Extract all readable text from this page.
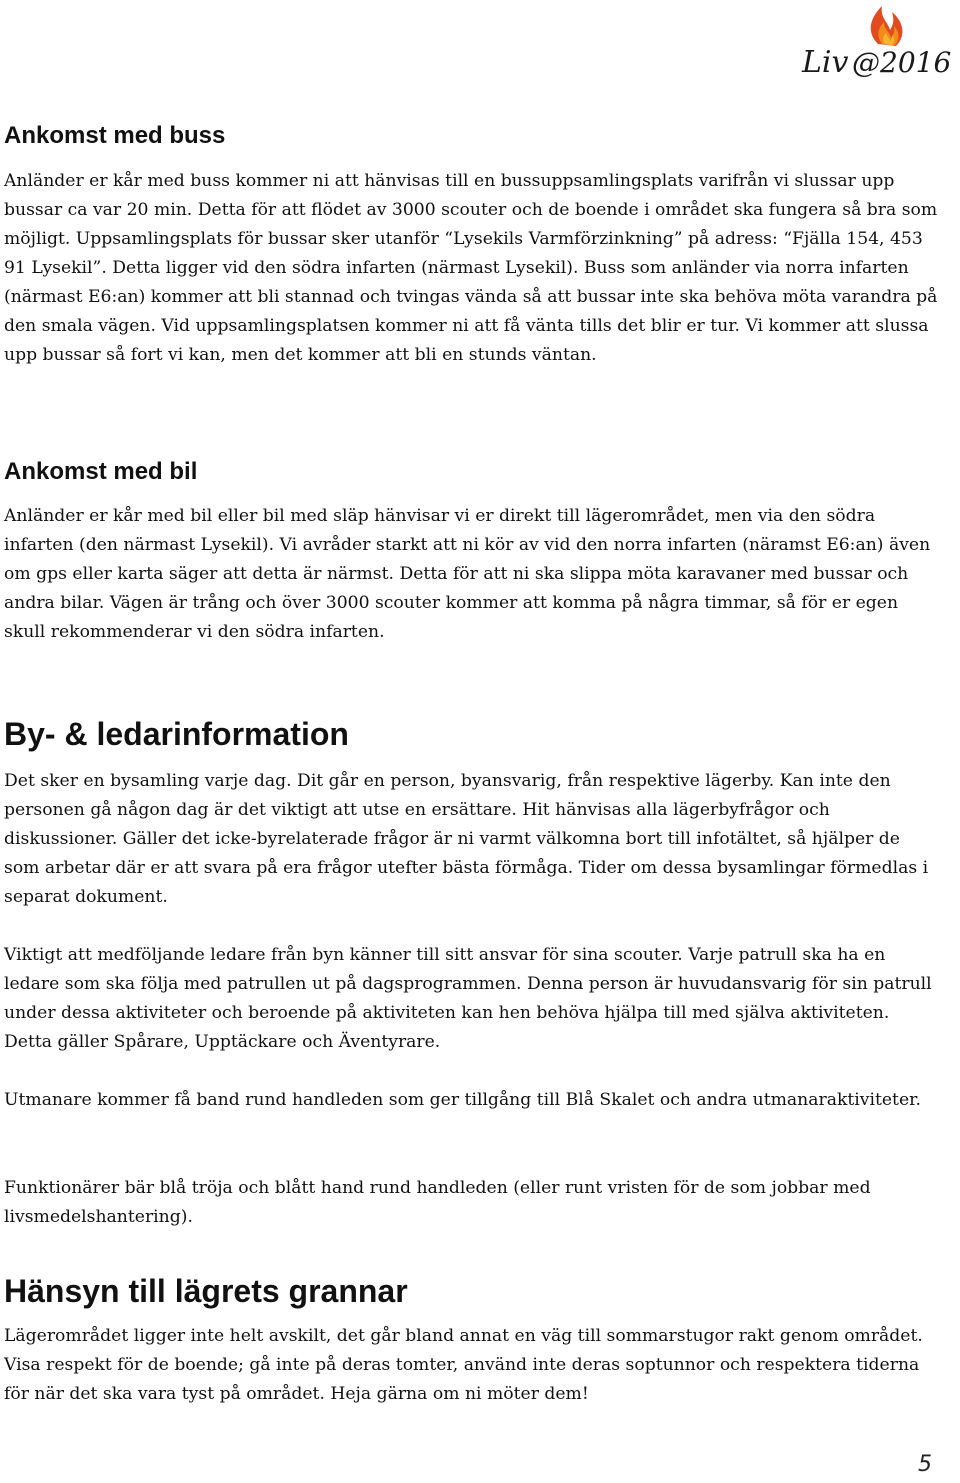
Liv @2016
Ankomst med buss

Anländer er kår med buss kommer ni att hänvisas till en bussuppsamlingsplats varifrån vi slussar upp bussar ca var 20 min. Detta för att flödet av 3000 scouter och de boende i området ska fungera så bra som möjligt. Uppsamlingsplats för bussar sker utanför “Lysekils Varmförzinkning” på adress: “Fjälla 154, 453 91 Lysekil”. Detta ligger vid den södra infarten (närmast Lysekil). Buss som anländer via norra infarten (närmast E6:an) kommer att bli stannad och tvingas vända så att bussar inte ska behöva möta varandra på den smala vägen. Vid uppsamlingsplatsen kommer ni att få vänta tills det blir er tur. Vi kommer att slussa upp bussar så fort vi kan, men det kommer att bli en stunds väntan.

Ankomst med bil

Anländer er kår med bil eller bil med släp hänvisar vi er direkt till lägerområdet, men via den södra infarten (den närmast Lysekil). Vi avråder starkt att ni kör av vid den norra infarten (näramst E6:an) även om gps eller karta säger att detta är närmst. Detta för att ni ska slippa möta karavaner med bussar och andra bilar. Vägen är trång och över 3000 scouter kommer att komma på några timmar, så för er egen skull rekommenderar vi den södra infarten.

By- & ledarinformation

Det sker en bysamling varje dag. Dit går en person, byansvarig, från respektive lägerby. Kan inte den personen gå någon dag är det viktigt att utse en ersättare. Hit hänvisas alla lägerbyfrågor och diskussioner. Gäller det icke-byrelaterade frågor är ni varmt välkomna bort till infotältet, så hjälper de som arbetar där er att svara på era frågor utefter bästa förmåga. Tider om dessa bysamlingar förmedlas i separat dokument.

Viktigt att medföljande ledare från byn känner till sitt ansvar för sina scouter. Varje patrull ska ha en ledare som ska följa med patrullen ut på dagsprogrammen. Denna person är huvudansvarig för sin patrull under dessa aktiviteter och beroende på aktiviteten kan hen behöva hjälpa till med själva aktiviteten. Detta gäller Spårare, Upptäckare och Äventyrare.

Utmanare kommer få band rund handleden som ger tillgång till Blå Skalet och andra utmanaraktiviteter.

Funktionärer bär blå tröja och blått hand rund handleden (eller runt vristen för de som jobbar med livsmedelshantering).

Hänsyn till lägrets grannar

Lägerområdet ligger inte helt avskilt, det går bland annat en väg till sommarstugor rakt genom området. Visa respekt för de boende; gå inte på deras tomter, använd inte deras soptunnor och respektera tiderna för när det ska vara tyst på området. Heja gärna om ni möter dem!

5
